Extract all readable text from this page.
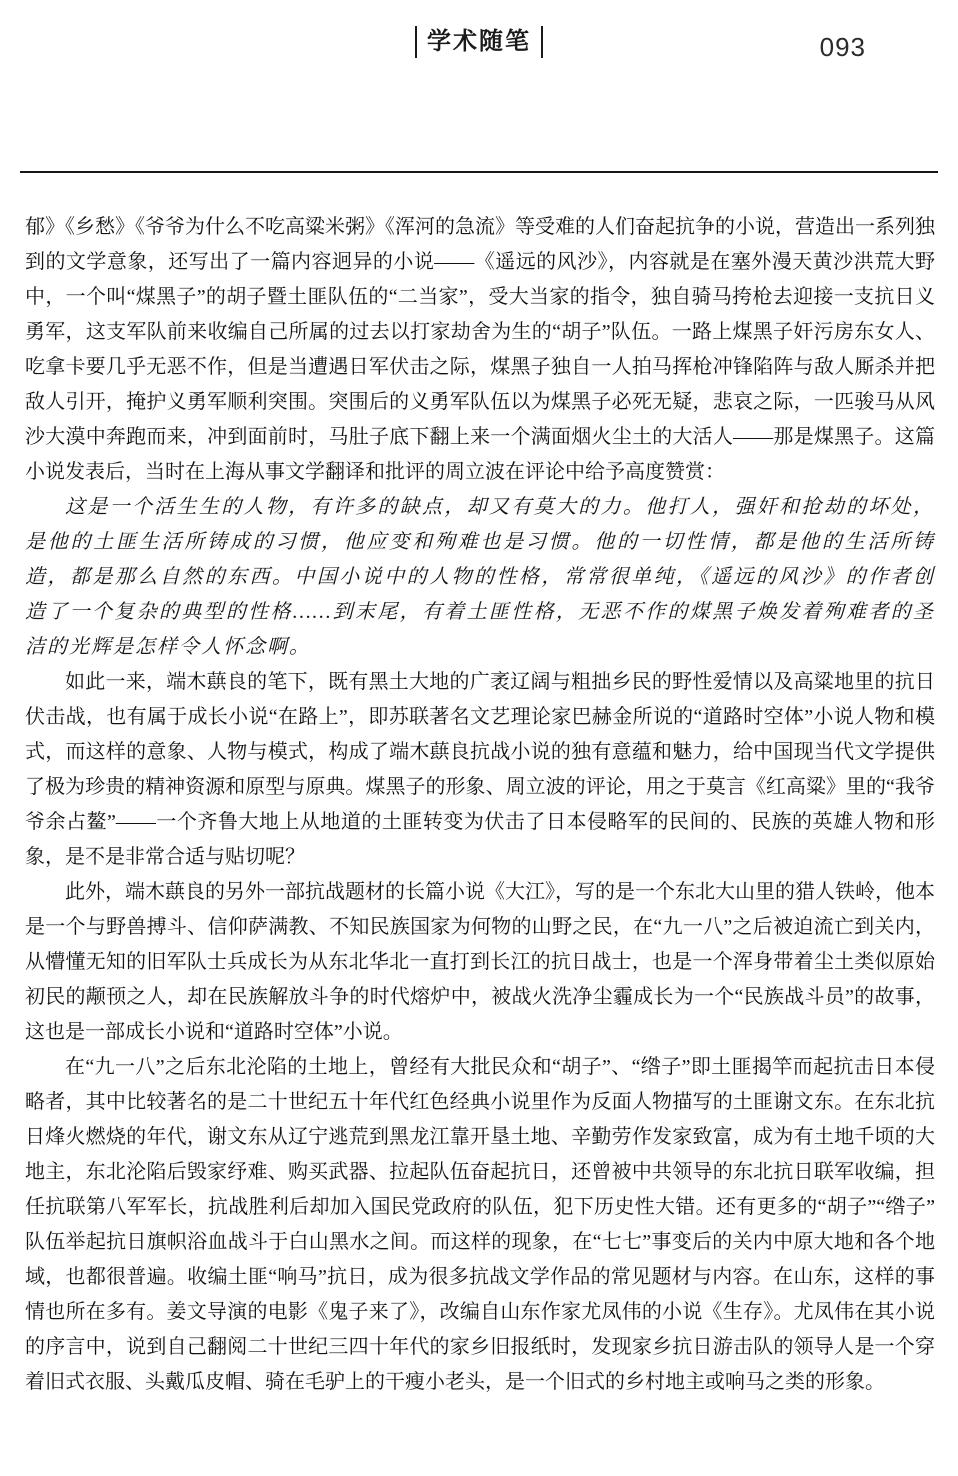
学术随笔	093

郁》《乡愁》《爷爷为什么不吃高粱米粥》《浑河的急流》等受难的人们奋起抗争的小说，营造出一系列独到的文学意象，还写出了一篇内容迥异的小说——《遥远的风沙》，内容就是在塞外漫天黄沙洪荒大野中，一个叫“煤黑子”的胡子暨土匪队伍的“二当家”，受大当家的指令，独自骑马挎枪去迎接一支抗日义勇军，这支军队前来收编自己所属的过去以打家劫舍为生的“胡子”队伍。一路上煤黑子奸污房东女人、吃拿卡要几乎无恶不作，但是当遭遇日军伏击之际，煤黑子独自一人拍马挥枪冲锋陷阵与敌人厮杀并把敌人引开，掩护义勇军顺利突围。突围后的义勇军队伍以为煤黑子必死无疑，悲哀之际，一匹骏马从风沙大漠中奔跑而来，冲到面前时，马肚子底下翻上来一个满面烟火尘土的大活人——那是煤黑子。这篇小说发表后，当时在上海从事文学翻译和批评的周立波在评论中给予高度赞赏：

这是一个活生生的人物，有许多的缺点，却又有莫大的力。他打人，强奸和抢劫的坏处，是他的土匪生活所铸成的习惯，他应变和殉难也是习惯。他的一切性情，都是他的生活所铸造，都是那么自然的东西。中国小说中的人物的性格，常常很单纯，《遥远的风沙》的作者创造了一个复杂的典型的性格……到末尾，有着土匪性格，无恶不作的煤黑子焕发着殉难者的圣洁的光辉是怎样令人怀念啊。

如此一来，端木蕻良的笔下，既有黑土大地的广袤辽阔与粗拙乡民的野性爱情以及高粱地里的抗日伏击战，也有属于成长小说“在路上”，即苏联著名文艺理论家巴赫金所说的“道路时空体”小说人物和模式，而这样的意象、人物与模式，构成了端木蕻良抗战小说的独有意蕴和魅力，给中国现当代文学提供了极为珍贵的精神资源和原型与原典。煤黑子的形象、周立波的评论，用之于莫言《红高粱》里的“我爷爷余占鳌”——一个齐鲁大地上从地道的土匪转变为伏击了日本侵略军的民间的、民族的英雄人物和形象，是不是非常合适与贴切呢？

此外，端木蕻良的另外一部抗战题材的长篇小说《大江》，写的是一个东北大山里的猎人铁岭，他本是一个与野兽搏斗、信仰萨满教、不知民族国家为何物的山野之民，在“九一八”之后被迫流亡到关内，从懵懂无知的旧军队士兵成长为从东北华北一直打到长江的抗日战士，也是一个浑身带着尘土类似原始初民的颟顸之人，却在民族解放斗争的时代熔炉中，被战火洗净尘霾成长为一个“民族战斗员”的故事，这也是一部成长小说和“道路时空体”小说。

在“九一八”之后东北沦陷的土地上，曾经有大批民众和“胡子”、“绺子”即土匪揭竿而起抗击日本侵略者，其中比较著名的是二十世纪五十年代红色经典小说里作为反面人物描写的土匪谢文东。在东北抗日烽火燃烧的年代，谢文东从辽宁逃荒到黑龙江靠开垦土地、辛勤劳作发家致富，成为有土地千顷的大地主，东北沦陷后毁家纾难、购买武器、拉起队伍奋起抗日，还曾被中共领导的东北抗日联军收编，担任抗联第八军军长，抗战胜利后却加入国民党政府的队伍，犯下历史性大错。还有更多的“胡子”“绺子”队伍举起抗日旗帜浴血战斗于白山黑水之间。而这样的现象，在“七七”事变后的关内中原大地和各个地域，也都很普遍。收编土匪“响马”抗日，成为很多抗战文学作品的常见题材与内容。在山东，这样的事情也所在多有。姜文导演的电影《鬼子来了》，改编自山东作家尤凤伟的小说《生存》。尤凤伟在其小说的序言中，说到自己翻阅二十世纪三四十年代的家乡旧报纸时，发现家乡抗日游击队的领导人是一个穿着旧式衣服、头戴瓜皮帽、骑在毛驴上的干瘦小老头，是一个旧式的乡村地主或响马之类的形象。
